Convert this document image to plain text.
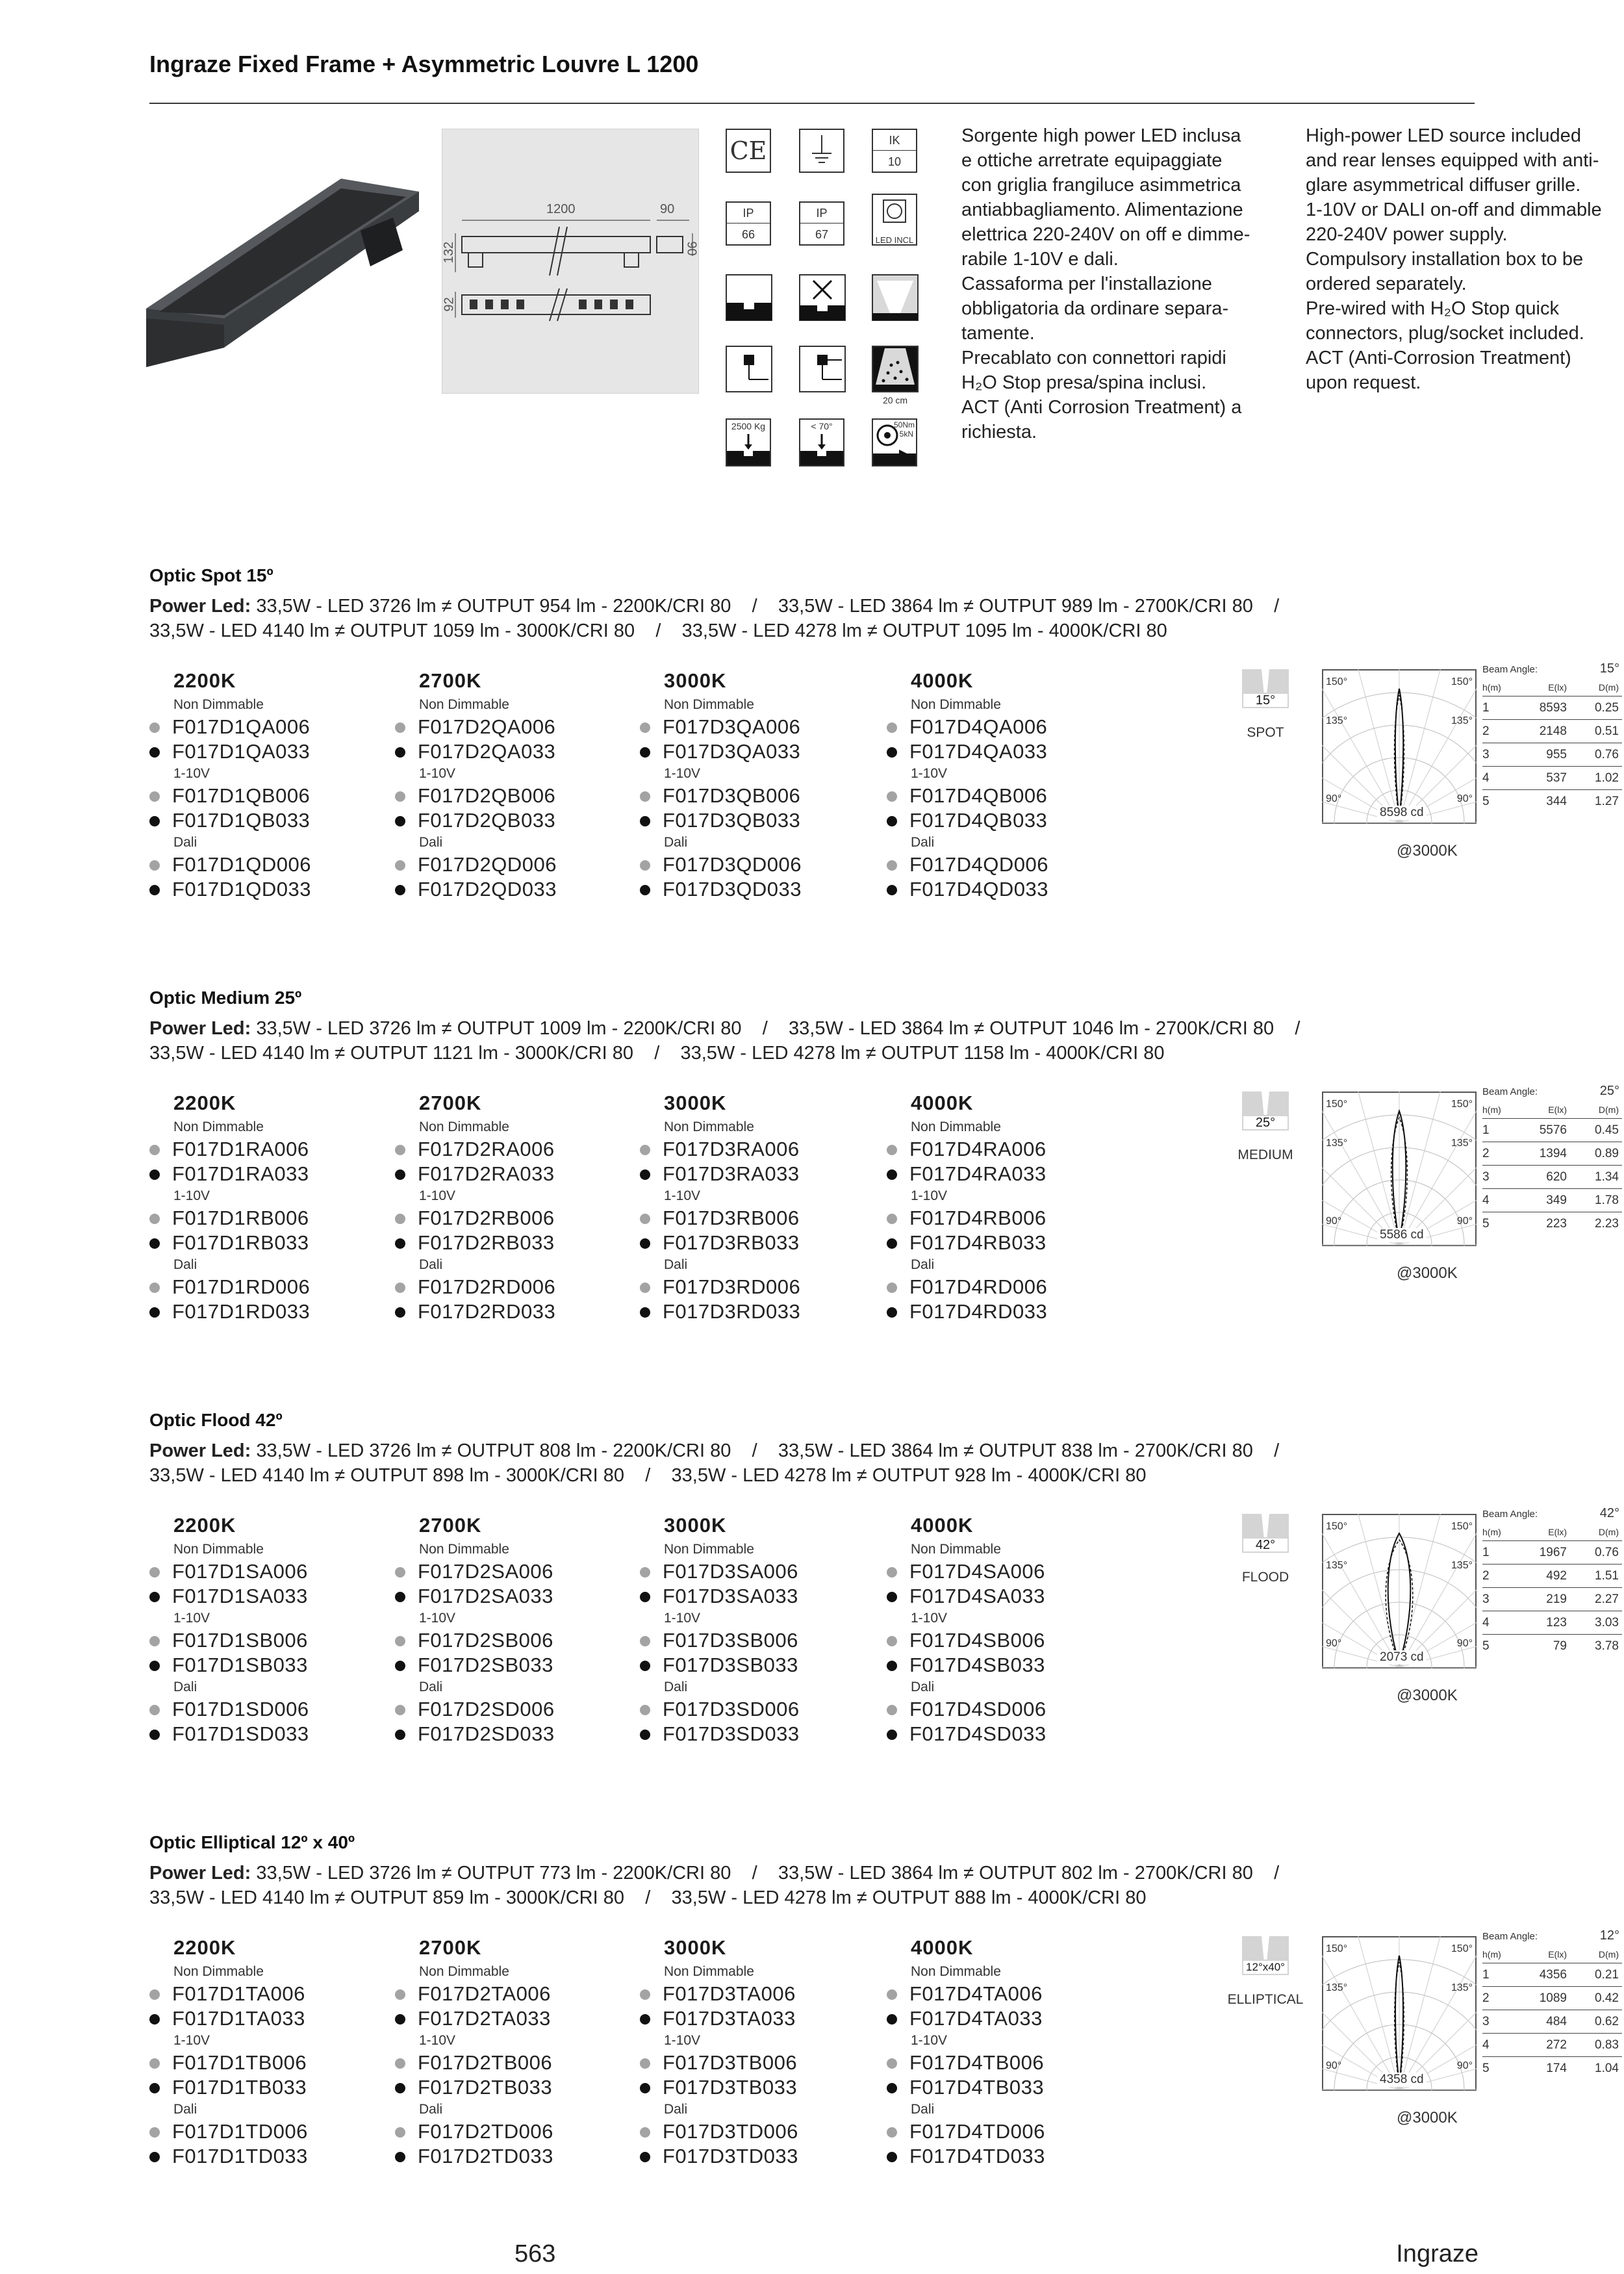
Ingraze Fixed Frame + Asymmetric Louvre L 1200
1200	90
132	90
92
CE	IK
10
IP
66
IP
67	LED INCL
20 cm
2500 Kg	< 70°	50Nm
5kN
Sorgente high power LED inclusa
e ottiche arretrate equipaggiate
con griglia frangiluce asimmetrica
antiabbagliamento. Alimentazione
elettrica 220-240V on off e dimme-
rabile 1-10V e dali.
Cassaforma per l'installazione
obbligatoria da ordinare separa-
tamente.
Precablato con connettori rapidi
H₂O Stop presa/spina inclusi.
ACT (Anti Corrosion Treatment) a
richiesta.
High-power LED source included
and rear lenses equipped with anti-
glare asymmetrical diffuser grille.
1-10V or DALI on-off and dimmable
220-240V power supply.
Compulsory installation box to be
ordered separately.
Pre-wired with H₂O Stop quick
connectors, plug/socket included.
ACT (Anti-Corrosion Treatment)
upon request.
Optic Spot 15º
Power Led: 33,5W - LED 3726 lm ≠ OUTPUT 954 lm - 2200K/CRI 80    /    33,5W - LED 3864 lm ≠ OUTPUT 989 lm - 2700K/CRI 80    /
33,5W - LED 4140 lm ≠ OUTPUT 1059 lm - 3000K/CRI 80    /    33,5W - LED 4278 lm ≠ OUTPUT 1095 lm - 4000K/CRI 80
2200K
Non Dimmable
F017D1QA006
F017D1QA033
1-10V
F017D1QB006
F017D1QB033
Dali
F017D1QD006
F017D1QD033
2700K
Non Dimmable
F017D2QA006
F017D2QA033
1-10V
F017D2QB006
F017D2QB033
Dali
F017D2QD006
F017D2QD033
3000K
Non Dimmable
F017D3QA006
F017D3QA033
1-10V
F017D3QB006
F017D3QB033
Dali
F017D3QD006
F017D3QD033
4000K
Non Dimmable
F017D4QA006
F017D4QA033
1-10V
F017D4QB006
F017D4QB033
Dali
F017D4QD006
F017D4QD033
15°
SPOT
150°	150°
135°	135°
90°	90°
8598 cd
@3000K
Beam Angle:	15°
h(m)	E(lx)	D(m)
1	8593	0.25
2	2148	0.51
3	955	0.76
4	537	1.02
5	344	1.27
Optic Medium 25º
Power Led: 33,5W - LED 3726 lm ≠ OUTPUT 1009 lm - 2200K/CRI 80    /    33,5W - LED 3864 lm ≠ OUTPUT 1046 lm - 2700K/CRI 80    /
33,5W - LED 4140 lm ≠ OUTPUT 1121 lm - 3000K/CRI 80    /    33,5W - LED 4278 lm ≠ OUTPUT 1158 lm - 4000K/CRI 80
2200K
Non Dimmable
F017D1RA006
F017D1RA033
1-10V
F017D1RB006
F017D1RB033
Dali
F017D1RD006
F017D1RD033
2700K
Non Dimmable
F017D2RA006
F017D2RA033
1-10V
F017D2RB006
F017D2RB033
Dali
F017D2RD006
F017D2RD033
3000K
Non Dimmable
F017D3RA006
F017D3RA033
1-10V
F017D3RB006
F017D3RB033
Dali
F017D3RD006
F017D3RD033
4000K
Non Dimmable
F017D4RA006
F017D4RA033
1-10V
F017D4RB006
F017D4RB033
Dali
F017D4RD006
F017D4RD033
25°
MEDIUM
150°	150°
135°	135°
90°	90°
5586 cd
@3000K
Beam Angle:	25°
h(m)	E(lx)	D(m)
1	5576	0.45
2	1394	0.89
3	620	1.34
4	349	1.78
5	223	2.23
Optic Flood 42º
Power Led: 33,5W - LED 3726 lm ≠ OUTPUT 808 lm - 2200K/CRI 80    /    33,5W - LED 3864 lm ≠ OUTPUT 838 lm - 2700K/CRI 80    /
33,5W - LED 4140 lm ≠ OUTPUT 898 lm - 3000K/CRI 80    /    33,5W - LED 4278 lm ≠ OUTPUT 928 lm - 4000K/CRI 80
2200K
Non Dimmable
F017D1SA006
F017D1SA033
1-10V
F017D1SB006
F017D1SB033
Dali
F017D1SD006
F017D1SD033
2700K
Non Dimmable
F017D2SA006
F017D2SA033
1-10V
F017D2SB006
F017D2SB033
Dali
F017D2SD006
F017D2SD033
3000K
Non Dimmable
F017D3SA006
F017D3SA033
1-10V
F017D3SB006
F017D3SB033
Dali
F017D3SD006
F017D3SD033
4000K
Non Dimmable
F017D4SA006
F017D4SA033
1-10V
F017D4SB006
F017D4SB033
Dali
F017D4SD006
F017D4SD033
42°
FLOOD
150°	150°
135°	135°
90°	90°
2073 cd
@3000K
Beam Angle:	42°
h(m)	E(lx)	D(m)
1	1967	0.76
2	492	1.51
3	219	2.27
4	123	3.03
5	79	3.78
Optic Elliptical 12º x 40º
Power Led: 33,5W - LED 3726 lm ≠ OUTPUT 773 lm - 2200K/CRI 80    /    33,5W - LED 3864 lm ≠ OUTPUT 802 lm - 2700K/CRI 80    /
33,5W - LED 4140 lm ≠ OUTPUT 859 lm - 3000K/CRI 80    /    33,5W - LED 4278 lm ≠ OUTPUT 888 lm - 4000K/CRI 80
2200K
Non Dimmable
F017D1TA006
F017D1TA033
1-10V
F017D1TB006
F017D1TB033
Dali
F017D1TD006
F017D1TD033
2700K
Non Dimmable
F017D2TA006
F017D2TA033
1-10V
F017D2TB006
F017D2TB033
Dali
F017D2TD006
F017D2TD033
3000K
Non Dimmable
F017D3TA006
F017D3TA033
1-10V
F017D3TB006
F017D3TB033
Dali
F017D3TD006
F017D3TD033
4000K
Non Dimmable
F017D4TA006
F017D4TA033
1-10V
F017D4TB006
F017D4TB033
Dali
F017D4TD006
F017D4TD033
12°x40°
ELLIPTICAL
150°	150°
135°	135°
90°	90°
4358 cd
@3000K
Beam Angle:	12°
h(m)	E(lx)	D(m)
1	4356	0.21
2	1089	0.42
3	484	0.62
4	272	0.83
5	174	1.04
563	Ingraze
